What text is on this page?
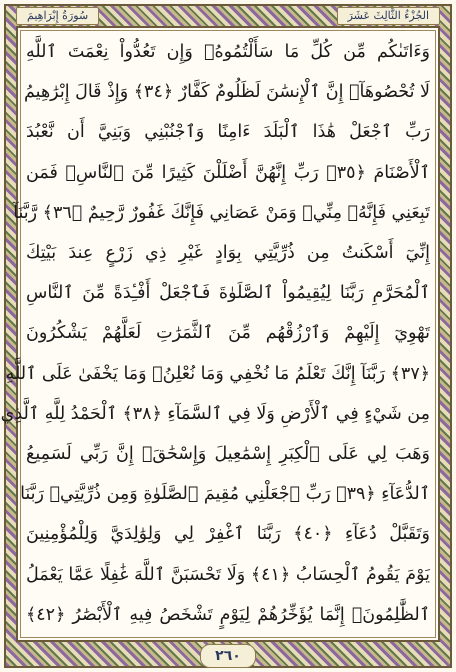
سُورَةُ إِبْرَاهِيمَ	الجُزْءُ الثَّالِثَ عَشَرَ
وَءَاتَىٰكُم مِّن كُلِّ مَا سَأَلْتُمُوهُۚ وَإِن تَعُدُّواْ نِعْمَتَ ٱللَّهِ
لَا تُحْصُوهَآۗ إِنَّ ٱلْإِنسَٰنَ لَظَلُومٌ كَفَّارٌ ﴿٣٤﴾ وَإِذْ قَالَ إِبْرَٰهِيمُ
رَبِّ ٱجْعَلْ هَٰذَا ٱلْبَلَدَ ءَامِنًا وَٱجْنُبْنِي وَبَنِيَّ أَن نَّعْبُدَ
ٱلْأَصْنَامَ ﴿٣٥﴾ رَبِّ إِنَّهُنَّ أَضْلَلْنَ كَثِيرًا مِّنَ ٱلنَّاسِۖ فَمَن
تَبِعَنِي فَإِنَّهُۥ مِنِّيۖ وَمَنْ عَصَانِي فَإِنَّكَ غَفُورٌ رَّحِيمٌ ﴿٣٦﴾ رَّبَّنَآ
إِنِّيٓ أَسْكَنتُ مِن ذُرِّيَّتِي بِوَادٍ غَيْرِ ذِي زَرْعٍ عِندَ بَيْتِكَ
ٱلْمُحَرَّمِ رَبَّنَا لِيُقِيمُواْ ٱلصَّلَوٰةَ فَٱجْعَلْ أَفْـِٔدَةً مِّنَ ٱلنَّاسِ
تَهْوِيٓ إِلَيْهِمْ وَٱرْزُقْهُم مِّنَ ٱلثَّمَرَٰتِ لَعَلَّهُمْ يَشْكُرُونَ
﴿٣٧﴾ رَبَّنَآ إِنَّكَ تَعْلَمُ مَا نُخْفِي وَمَا نُعْلِنُۗ وَمَا يَخْفَىٰ عَلَى ٱللَّهِ
مِن شَيْءٍ فِي ٱلْأَرْضِ وَلَا فِي ٱلسَّمَآءِ ﴿٣٨﴾ ٱلْحَمْدُ لِلَّهِ ٱلَّذِي
وَهَبَ لِي عَلَى ٱلْكِبَرِ إِسْمَٰعِيلَ وَإِسْحَٰقَۚ إِنَّ رَبِّي لَسَمِيعُ
ٱلدُّعَآءِ ﴿٣٩﴾ رَبِّ ٱجْعَلْنِي مُقِيمَ ٱلصَّلَوٰةِ وَمِن ذُرِّيَّتِيۚ رَبَّنَا
وَتَقَبَّلْ دُعَآءِ ﴿٤٠﴾ رَبَّنَا ٱغْفِرْ لِي وَلِوَٰلِدَيَّ وَلِلْمُؤْمِنِينَ
يَوْمَ يَقُومُ ٱلْحِسَابُ ﴿٤١﴾ وَلَا تَحْسَبَنَّ ٱللَّهَ غَٰفِلًا عَمَّا يَعْمَلُ
ٱلظَّٰلِمُونَۚ إِنَّمَا يُؤَخِّرُهُمْ لِيَوْمٍ تَشْخَصُ فِيهِ ٱلْأَبْصَٰرُ ﴿٤٢﴾
٢٦٠
